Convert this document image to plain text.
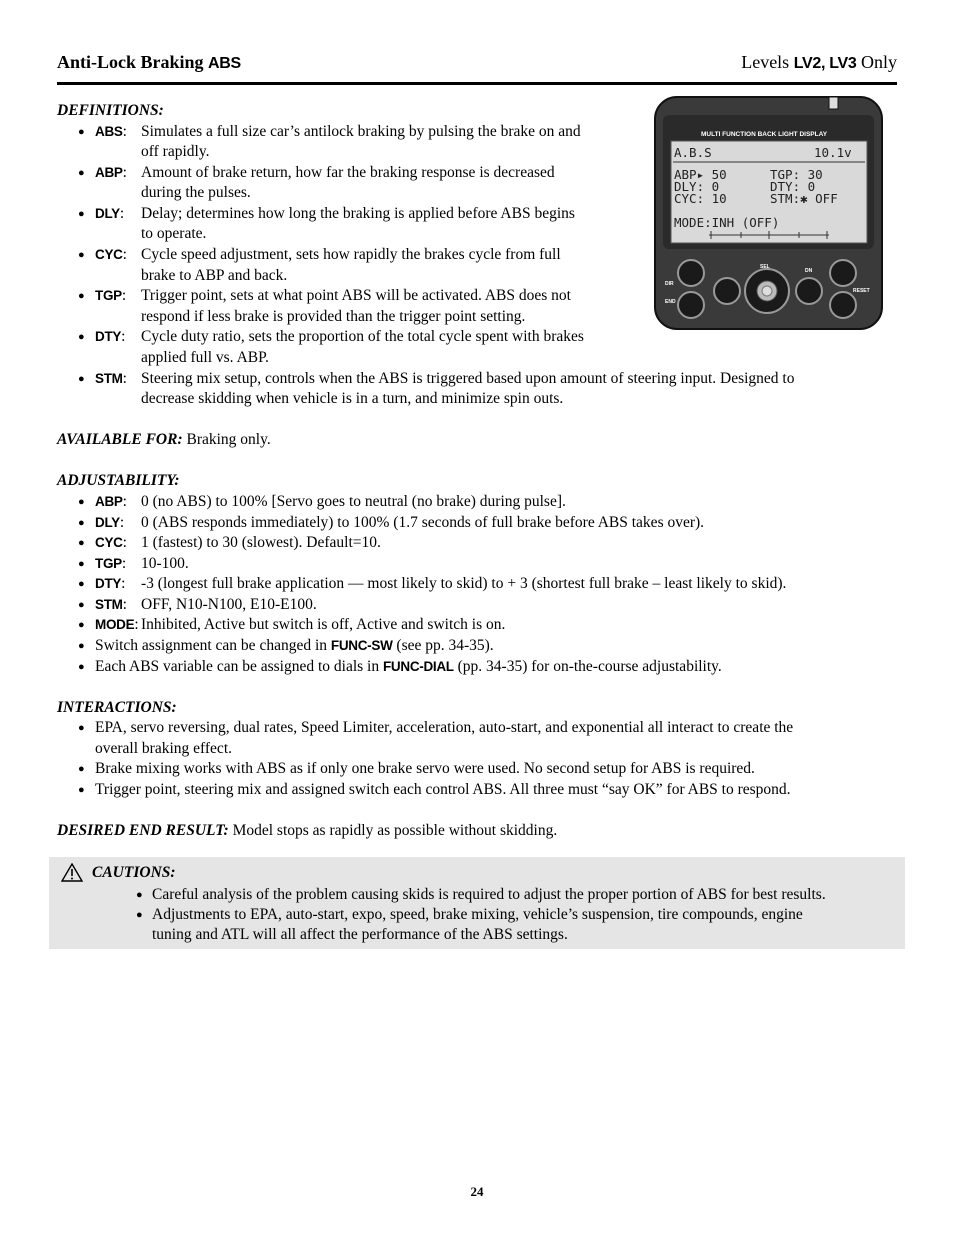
Anti-Lock Braking ABS	Levels LV2, LV3 Only
DEFINITIONS:
● ABS: Simulates a full size car’s antilock braking by pulsing the brake on and
off rapidly.
● ABP: Amount of brake return, how far the braking response is decreased
during the pulses.
● DLY: Delay; determines how long the braking is applied before ABS begins
to operate.
● CYC: Cycle speed adjustment, sets how rapidly the brakes cycle from full
brake to ABP and back.
● TGP: Trigger point, sets at what point ABS will be activated. ABS does not
respond if less brake is provided than the trigger point setting.
● DTY: Cycle duty ratio, sets the proportion of the total cycle spent with brakes
applied full vs. ABP.
● STM: Steering mix setup, controls when the ABS is triggered based upon amount of steering input. Designed to
decrease skidding when vehicle is in a turn, and minimize spin outs.
MULTI FUNCTION BACK LIGHT DISPLAY
A.B.S	10.1v
ABP▸ 50	TGP: 30
DLY: 0	DTY: 0
CYC: 10	STM:✱ OFF
MODE:INH (OFF)
DIR
END
SEL
DN
RESET
AVAILABLE FOR: Braking only.
ADJUSTABILITY:
● ABP: 0 (no ABS) to 100% [Servo goes to neutral (no brake) during pulse].
● DLY: 0 (ABS responds immediately) to 100% (1.7 seconds of full brake before ABS takes over).
● CYC: 1 (fastest) to 30 (slowest). Default=10.
● TGP: 10-100.
● DTY: -3 (longest full brake application — most likely to skid) to + 3 (shortest full brake – least likely to skid).
● STM: OFF, N10-N100, E10-E100.
● MODE: Inhibited, Active but switch is off, Active and switch is on.
● Switch assignment can be changed in FUNC-SW (see pp. 34-35).
● Each ABS variable can be assigned to dials in FUNC-DIAL (pp. 34-35) for on-the-course adjustability.
INTERACTIONS:
● EPA, servo reversing, dual rates, Speed Limiter, acceleration, auto-start, and exponential all interact to create the
overall braking effect.
● Brake mixing works with ABS as if only one brake servo were used. No second setup for ABS is required.
● Trigger point, steering mix and assigned switch each control ABS. All three must “say OK” for ABS to respond.
DESIRED END RESULT: Model stops as rapidly as possible without skidding.
CAUTIONS:
● Careful analysis of the problem causing skids is required to adjust the proper portion of ABS for best results.
● Adjustments to EPA, auto-start, expo, speed, brake mixing, vehicle’s suspension, tire compounds, engine
tuning and ATL will all affect the performance of the ABS settings.
24
